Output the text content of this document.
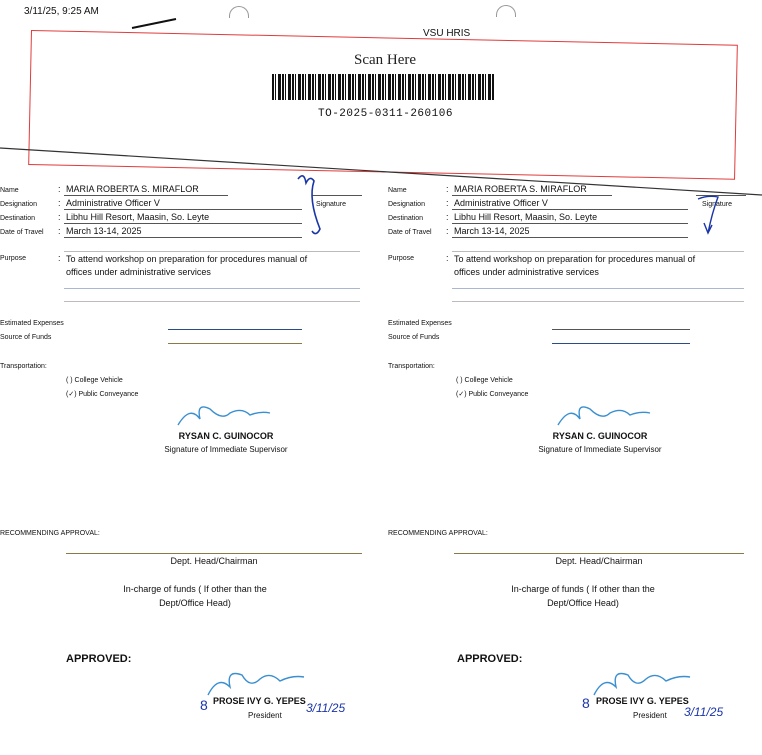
3/11/25, 9:25 AM
VSU HRIS
Scan Here
TO-2025-0311-260106
Name
Designation
Destination
Date of Travel
:
:
:
:
MARIA ROBERTA S. MIRAFLOR
Administrative Officer V
Libhu Hill Resort, Maasin, So. Leyte
March 13-14, 2025
Signature
Purpose	: To attend workshop on preparation for procedures manual of
offices under administrative services
Estimated Expenses
Source of Funds
Transportation:
( ) College Vehicle
(✓) Public Conveyance
RYSAN C. GUINOCOR
Signature of Immediate Supervisor
RECOMMENDING APPROVAL:
Dept. Head/Chairman
In-charge of funds ( If other than the
Dept/Office Head)
APPROVED:
8 PROSE IVY G. YEPES
President
3/11/25
Name
Designation
Destination
Date of Travel
:
:
:
:
MARIA ROBERTA S. MIRAFLOR
Administrative Officer V
Libhu Hill Resort, Maasin, So. Leyte
March 13-14, 2025
Signature
Purpose	: To attend workshop on preparation for procedures manual of
offices under administrative services
Estimated Expenses
Source of Funds
Transportation:
( ) College Vehicle
(✓) Public Conveyance
RYSAN C. GUINOCOR
Signature of Immediate Supervisor
RECOMMENDING APPROVAL:
Dept. Head/Chairman
In-charge of funds ( If other than the
Dept/Office Head)
APPROVED:
8 PROSE IVY G. YEPES
President 3/11/25
